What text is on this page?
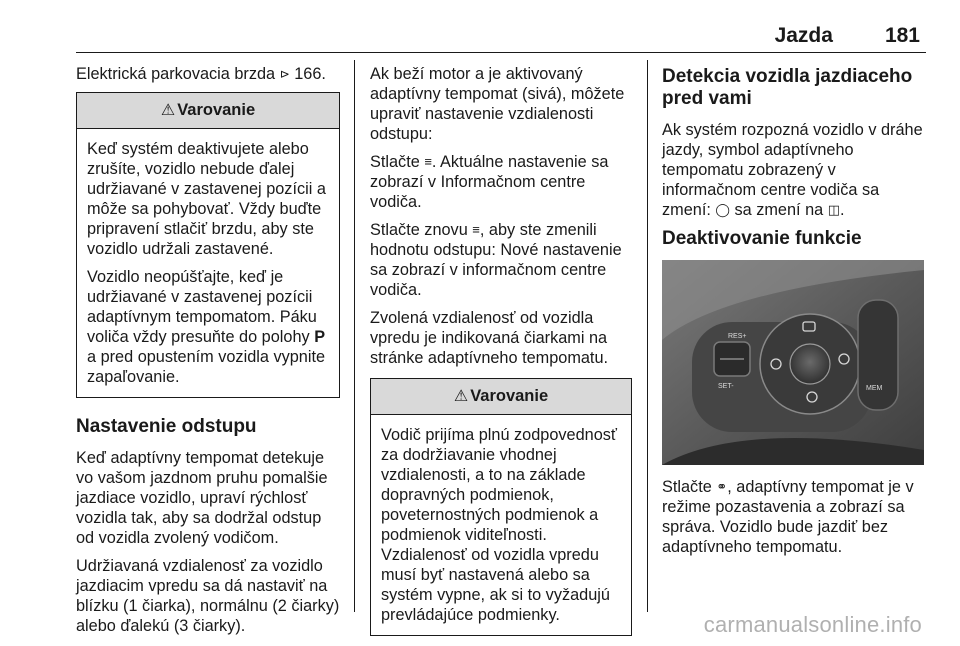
Jazda 181

Elektrická parkovacia brzda ⊳ 166.

⚠ Varovanie

Keď systém deaktivujete alebo zrušíte, vozidlo nebude ďalej udržiavané v zastavenej pozícii a môže sa pohybovať. Vždy buďte pripravení stlačiť brzdu, aby ste vozidlo udržali zastavené.

Vozidlo neopúšťajte, keď je udržiavané v zastavenej pozícii adaptívnym tempomatom. Páku voliča vždy presuňte do polohy P a pred opustením vozidla vypnite zapaľovanie.

Nastavenie odstupu

Keď adaptívny tempomat detekuje vo vašom jazdnom pruhu pomalšie jazdiace vozidlo, upraví rýchlosť vozidla tak, aby sa dodržal odstup od vozidla zvolený vodičom.

Udržiavaná vzdialenosť za vozidlo jazdiacim vpredu sa dá nastaviť na blízku (1 čiarka), normálnu (2 čiarky) alebo ďalekú (3 čiarky).

Ak beží motor a je aktivovaný adaptívny tempomat (sivá), môžete upraviť nastavenie vzdialenosti odstupu:

Stlačte ≡. Aktuálne nastavenie sa zobrazí v Informačnom centre vodiča.

Stlačte znovu ≡, aby ste zmenili hodnotu odstupu: Nové nastavenie sa zobrazí v informačnom centre vodiča.

Zvolená vzdialenosť od vozidla vpredu je indikovaná čiarkami na stránke adaptívneho tempomatu.

⚠ Varovanie

Vodič prijíma plnú zodpovednosť za dodržiavanie vhodnej vzdialenosti, a to na základe dopravných podmienok, poveternostných podmienok a podmienok viditeľnosti. Vzdialenosť od vozidla vpredu musí byť nastavená alebo sa systém vypne, ak si to vyžadujú prevládajúce podmienky.

Detekcia vozidla jazdiaceho pred vami

Ak systém rozpozná vozidlo v dráhe jazdy, symbol adaptívneho tempomatu zobrazený v informačnom centre vodiča sa zmení: ◯ sa zmení na ◫.

Deaktivovanie funkcie
RES+
SET-	MEM

Stlačte ⚭, adaptívny tempomat je v režime pozastavenia a zobrazí sa správa. Vozidlo bude jazdiť bez adaptívneho tempomatu.

carmanualsonline.info
